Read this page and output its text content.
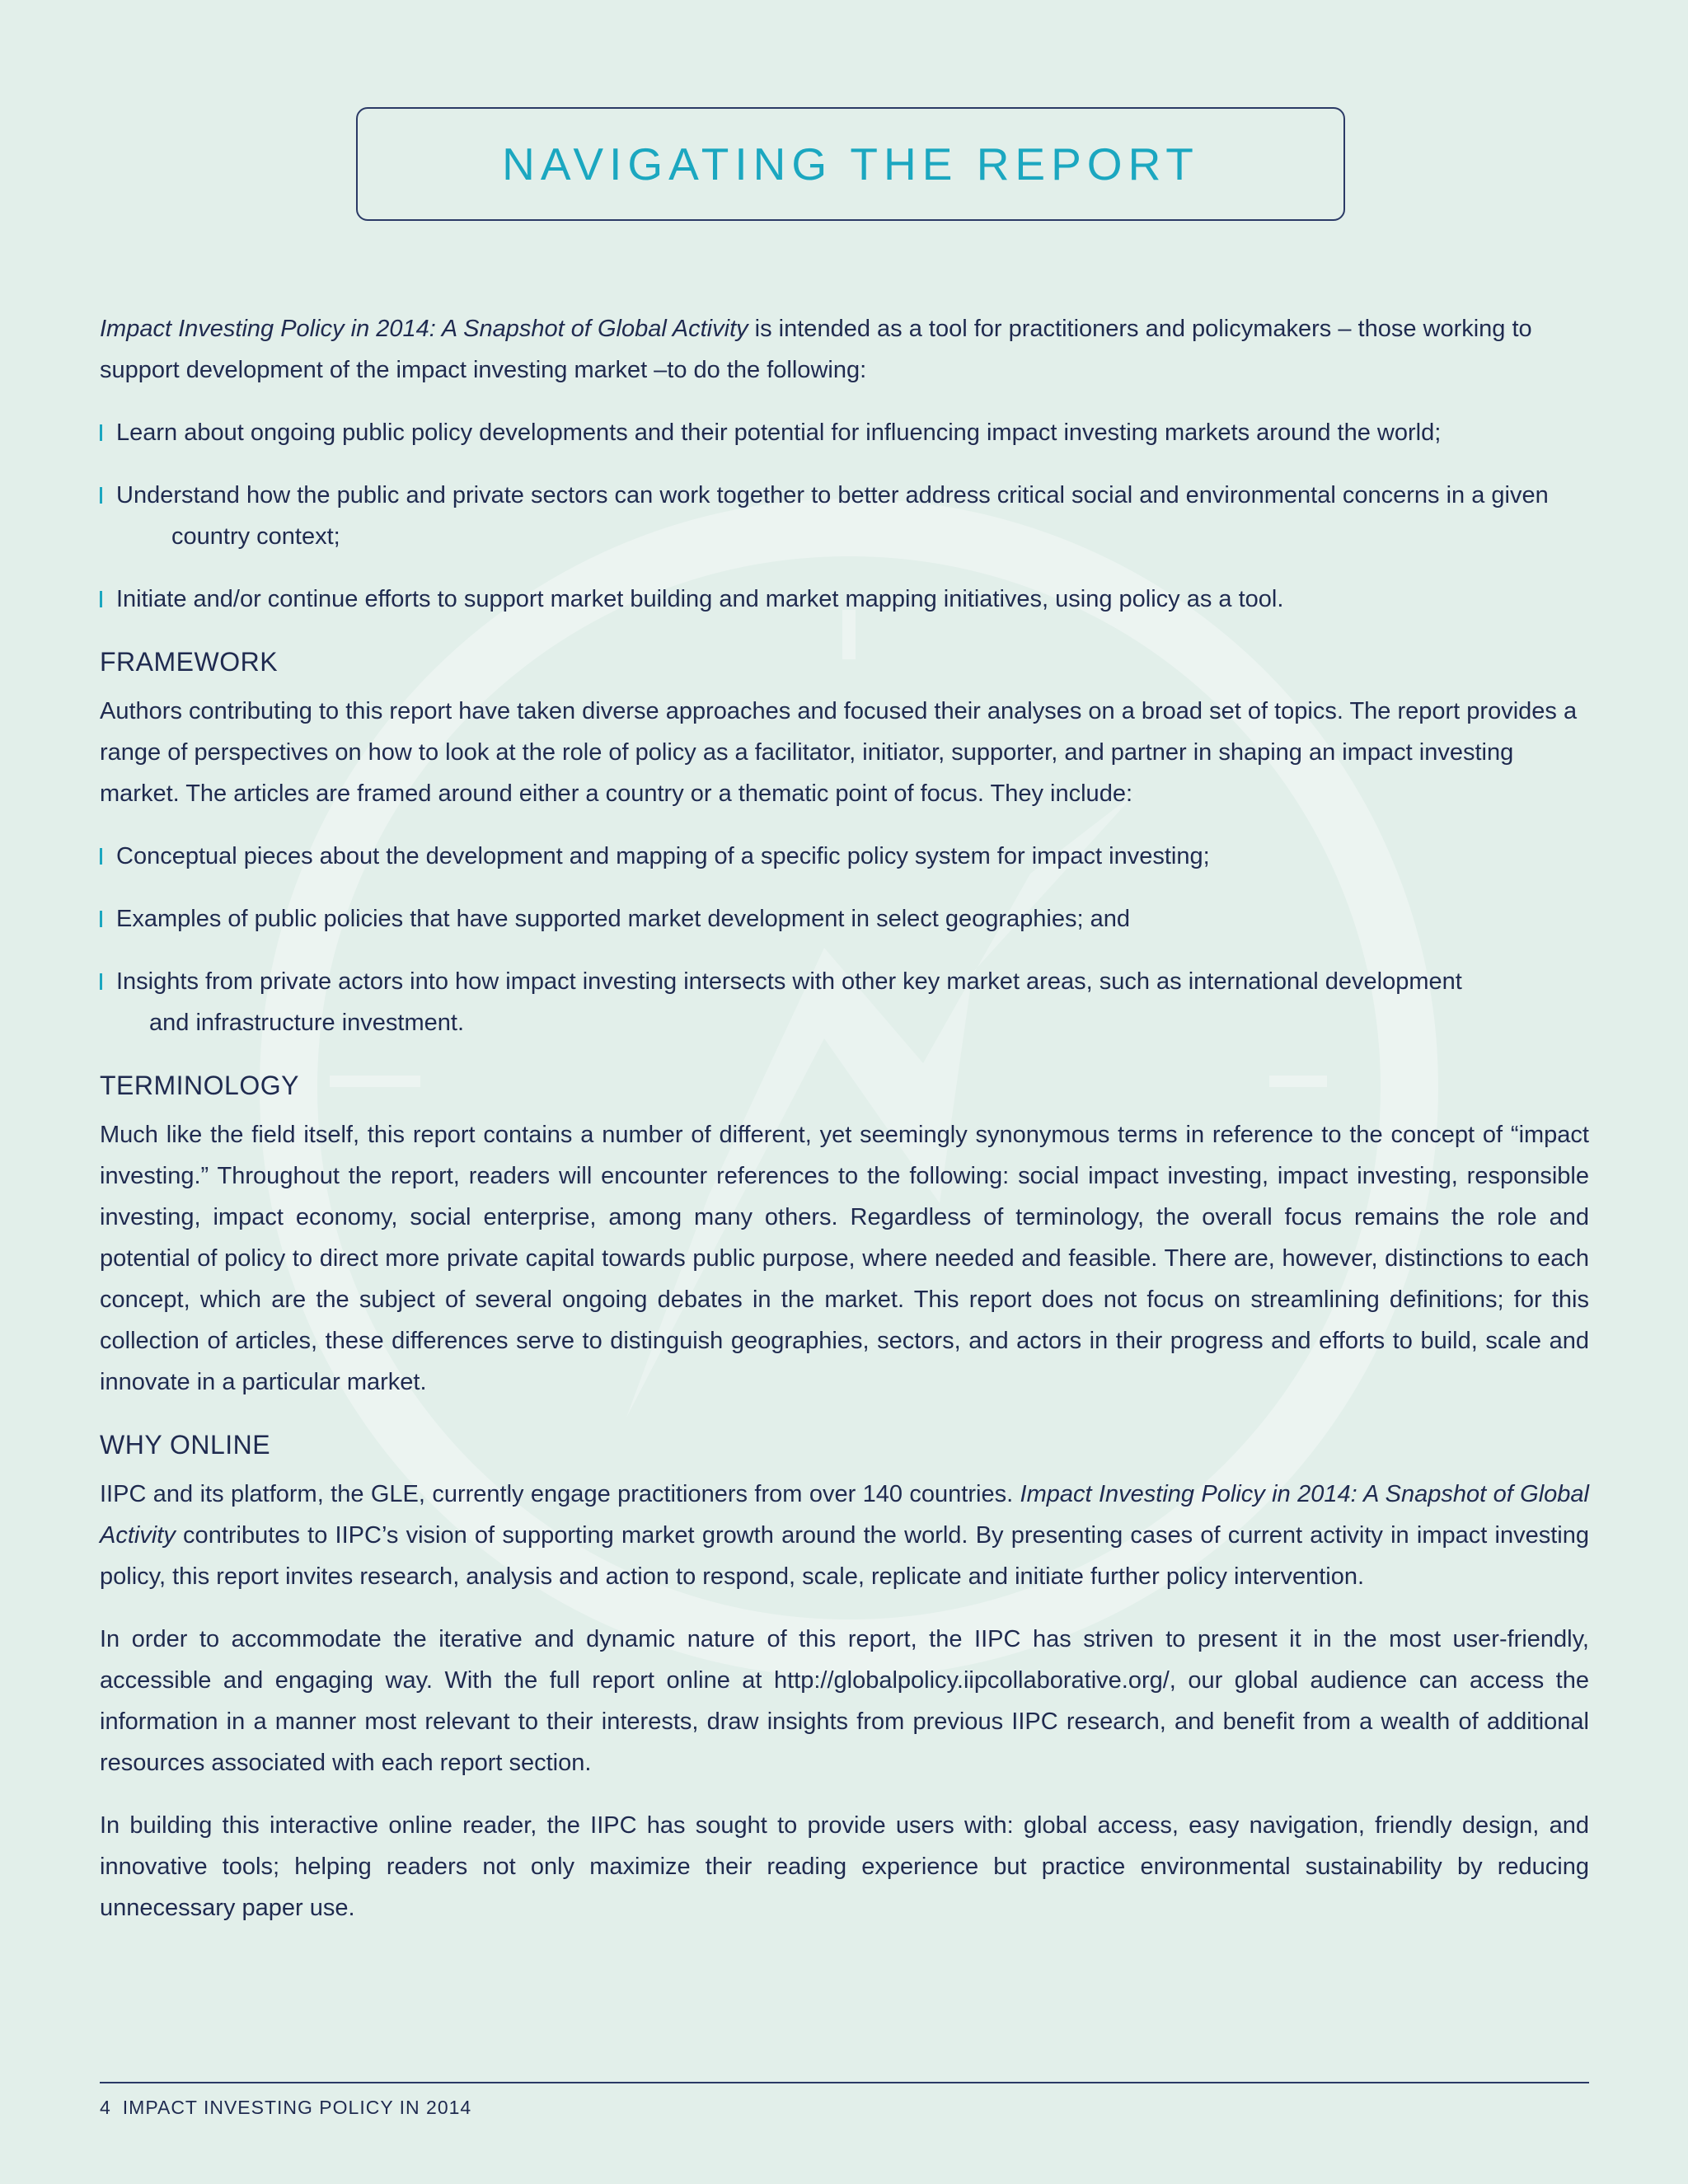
NAVIGATING THE REPORT

Impact Investing Policy in 2014: A Snapshot of Global Activity is intended as a tool for practitioners and policymakers – those working to support development of the impact investing market –to do the following:

Learn about ongoing public policy developments and their potential for influencing impact investing markets around the world;
Understand how the public and private sectors can work together to better address critical social and environmental concerns in a given
country context;
Initiate and/or continue efforts to support market building and market mapping initiatives, using policy as a tool.
FRAMEWORK

Authors contributing to this report have taken diverse approaches and focused their analyses on a broad set of topics. The report provides a range of perspectives on how to look at the role of policy as a facilitator, initiator, supporter, and partner in shaping an impact investing market. The articles are framed around either a country or a thematic point of focus. They include:

Conceptual pieces about the development and mapping of a specific policy system for impact investing;
Examples of public policies that have supported market development in select geographies; and
Insights from private actors into how impact investing intersects with other key market areas, such as international development
and infrastructure investment.
TERMINOLOGY

Much like the field itself, this report contains a number of different, yet seemingly synonymous terms in reference to the concept of “impact investing.” Throughout the report, readers will encounter references to the following: social impact investing, impact investing, responsible investing, impact economy, social enterprise, among many others. Regardless of terminology, the overall focus remains the role and potential of policy to direct more private capital towards public purpose, where needed and feasible. There are, however, distinctions to each concept, which are the subject of several ongoing debates in the market. This report does not focus on streamlining definitions; for this collection of articles, these differences serve to distinguish geographies, sectors, and actors in their progress and efforts to build, scale and innovate in a particular market.

WHY ONLINE

IIPC and its platform, the GLE, currently engage practitioners from over 140 countries. Impact Investing Policy in 2014: A Snapshot of Global Activity contributes to IIPC’s vision of supporting market growth around the world. By presenting cases of current activity in impact investing policy, this report invites research, analysis and action to respond, scale, replicate and initiate further policy intervention.

In order to accommodate the iterative and dynamic nature of this report, the IIPC has striven to present it in the most user-friendly, accessible and engaging way. With the full report online at http://globalpolicy.iipcollaborative.org/, our global audience can access the information in a manner most relevant to their interests, draw insights from previous IIPC research, and benefit from a wealth of additional resources associated with each report section.

In building this interactive online reader, the IIPC has sought to provide users with: global access, easy navigation, friendly design, and innovative tools; helping readers not only maximize their reading experience but practice environmental sustainability by reducing unnecessary paper use.

4 IMPACT INVESTING POLICY IN 2014
